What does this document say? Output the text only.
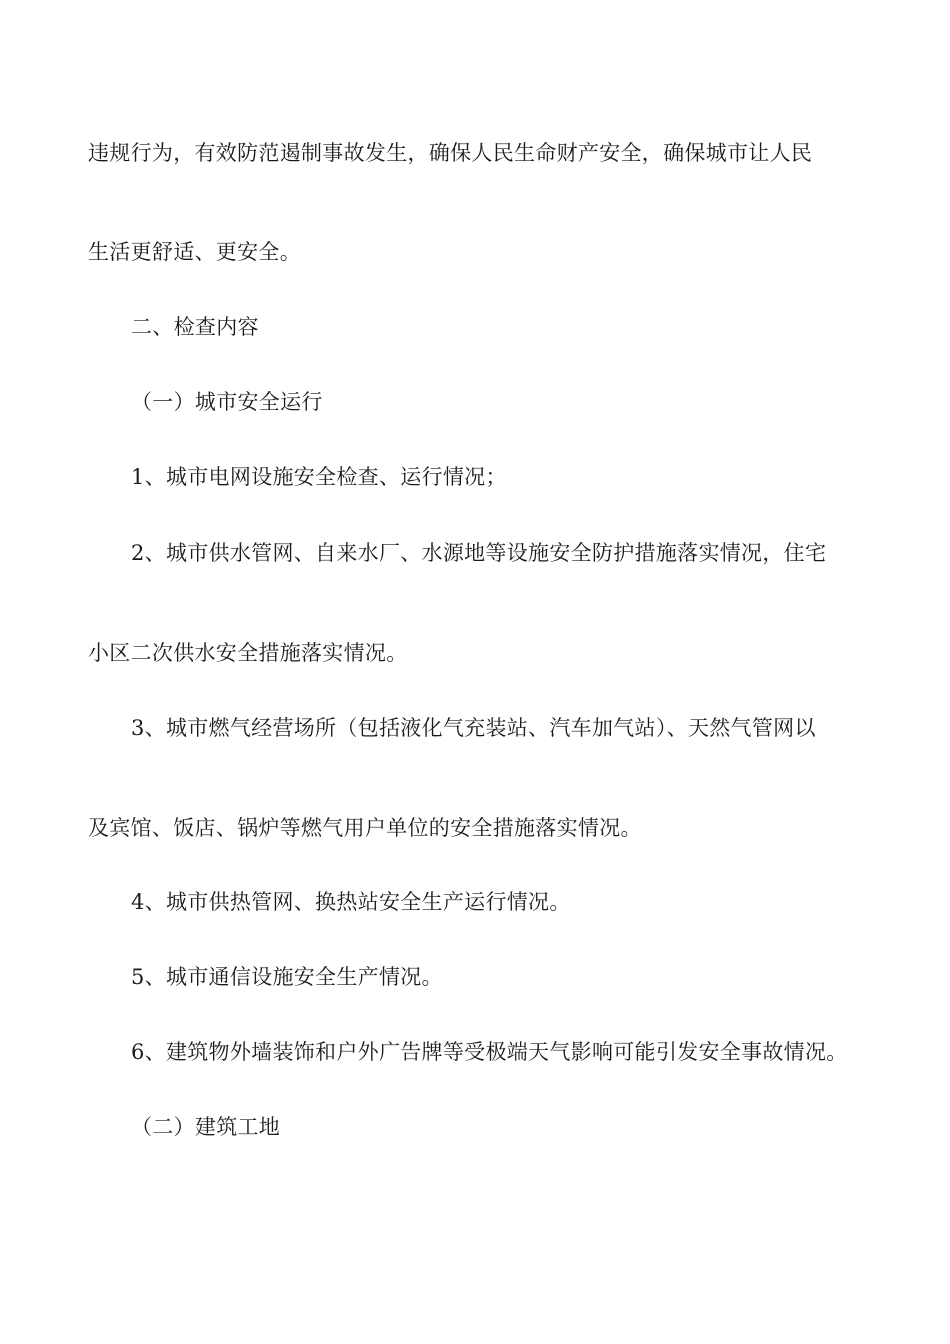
违规行为，有效防范遏制事故发生，确保人民生命财产安全，确保城市让人民
生活更舒适、更安全。
二、检查内容
（一）城市安全运行
1、城市电网设施安全检查、运行情况；
2、城市供水管网、自来水厂、水源地等设施安全防护措施落实情况，住宅
小区二次供水安全措施落实情况。
3、城市燃气经营场所（包括液化气充装站、汽车加气站）、天然气管网以
及宾馆、饭店、锅炉等燃气用户单位的安全措施落实情况。
4、城市供热管网、换热站安全生产运行情况。
5、城市通信设施安全生产情况。
6、建筑物外墙装饰和户外广告牌等受极端天气影响可能引发安全事故情况。
（二）建筑工地
